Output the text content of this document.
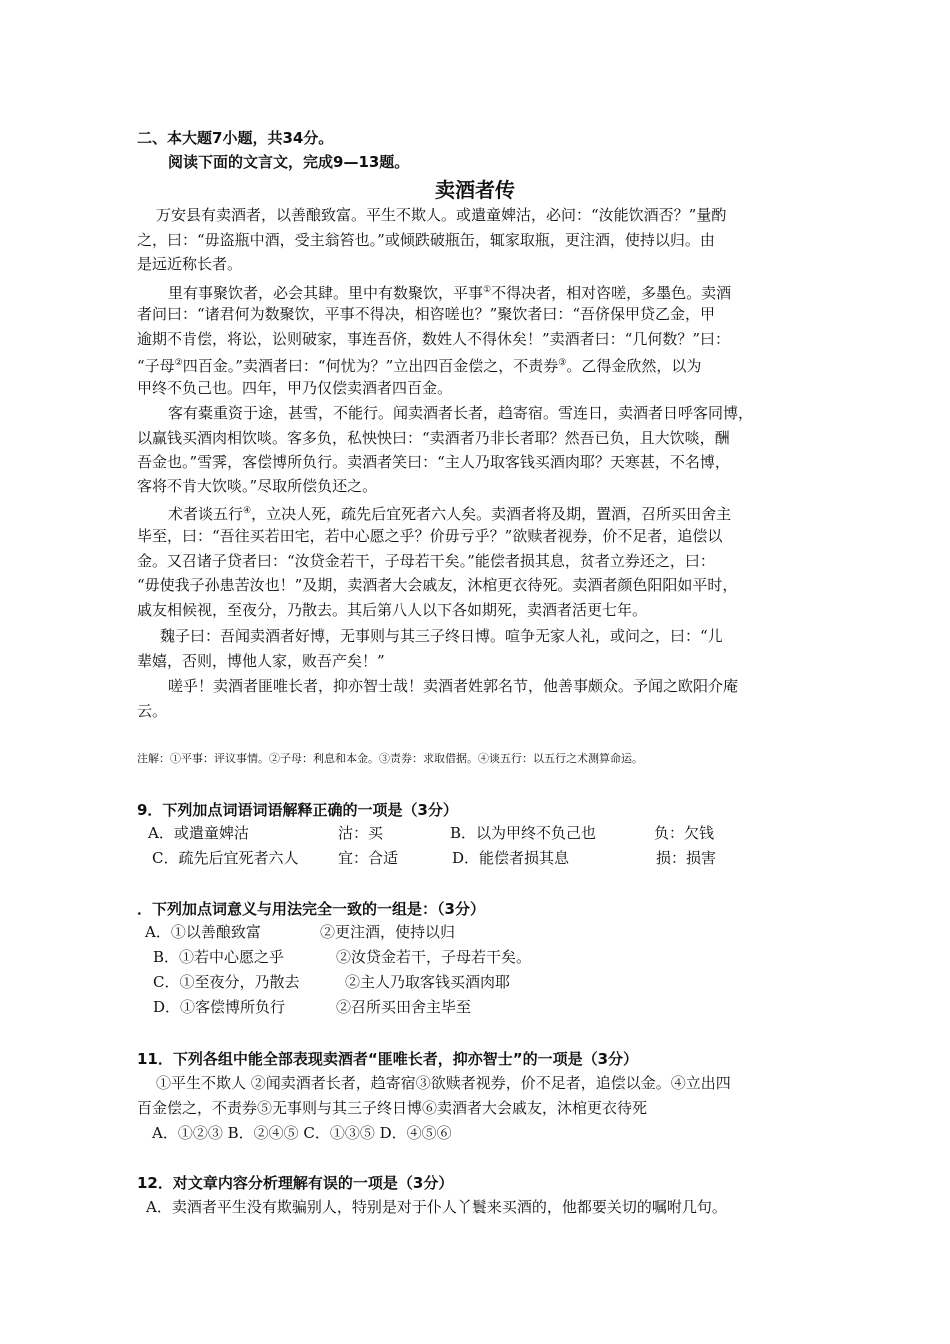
二、本大题7小题，共34分。
阅读下面的文言文，完成9—13题。
卖酒者传
万安县有卖酒者，以善酿致富。平生不欺人。或遣童婢沽，必问：“汝能饮酒否？”量酌
之，曰：“毋盗瓶中酒，受主翁笞也。”或倾跌破瓶缶，辄家取瓶，更注酒，使持以归。由
是远近称长者。
里有事聚饮者，必会其肆。里中有数聚饮，平事①不得决者，相对咨嗟，多墨色。卖酒
者问曰：“诸君何为数聚饮，平事不得决，相咨嗟也？”聚饮者曰：“吾侪保甲贷乙金，甲
逾期不肯偿，将讼，讼则破家，事连吾侪，数姓人不得休矣！”卖酒者曰：“几何数？”曰：
“子母②四百金。”卖酒者曰：“何忧为？”立出四百金偿之，不责券③。乙得金欣然，以为
甲终不负己也。四年，甲乃仅偿卖酒者四百金。
客有橐重资于途，甚雪，不能行。闻卖酒者长者，趋寄宿。雪连日，卖酒者日呼客同博，
以赢钱买酒肉相饮啖。客多负，私怏怏曰：“卖酒者乃非长者耶？然吾已负，且大饮啖，酬
吾金也。”雪霁，客偿博所负行。卖酒者笑曰：“主人乃取客钱买酒肉耶？天寒甚，不名博，
客将不肯大饮啖。”尽取所偿负还之。
术者谈五行④，立决人死，疏先后宜死者六人矣。卖酒者将及期，置酒，召所买田舍主
毕至，曰：“吾往买若田宅，若中心愿之乎？价毋亏乎？”欲赎者视券，价不足者，追偿以
金。又召诸子贷者曰：“汝贷金若干，子母若干矣。”能偿者损其息，贫者立券还之，曰：
“毋使我子孙患苦汝也！”及期，卖酒者大会戚友，沐棺更衣待死。卖酒者颜色阳阳如平时，
戚友相候视，至夜分，乃散去。其后第八人以下各如期死，卖酒者活更七年。
魏子曰：吾闻卖酒者好博，无事则与其三子终日博。喧争无家人礼，或问之，曰：“儿
辈嬉，否则，博他人家，败吾产矣！”
嗟乎！卖酒者匪唯长者，抑亦智士哉！卖酒者姓郭名节，他善事颇众。予闻之欧阳介庵
云。
注解：①平事：评议事情。②子母：利息和本金。③责券：求取借据。④谈五行：以五行之术测算命运。
9．下列加点词语词语解释正确的一项是（3分）
A．或遣童婢沽	沽：买	B．以为甲终不负己也	负：欠钱
C．疏先后宜死者六人	宜：合适	D．能偿者损其息	损：损害
．下列加点词意义与用法完全一致的一组是：（3分）
A．①以善酿致富	②更注酒，使持以归
B．①若中心愿之乎	②汝贷金若干，子母若干矣。
C．①至夜分，乃散去	②主人乃取客钱买酒肉耶
D．①客偿博所负行	②召所买田舍主毕至
11．下列各组中能全部表现卖酒者“匪唯长者，抑亦智士”的一项是（3分）
①平生不欺人 ②闻卖酒者长者，趋寄宿③欲赎者视券，价不足者，追偿以金。④立出四
百金偿之，不责券⑤无事则与其三子终日博⑥卖酒者大会戚友，沐棺更衣待死
A．①②③ B．②④⑤ C．①③⑤ D．④⑤⑥
12．对文章内容分析理解有误的一项是（3分）
A．卖酒者平生没有欺骗别人，特别是对于仆人丫鬟来买酒的，他都要关切的嘱咐几句。
